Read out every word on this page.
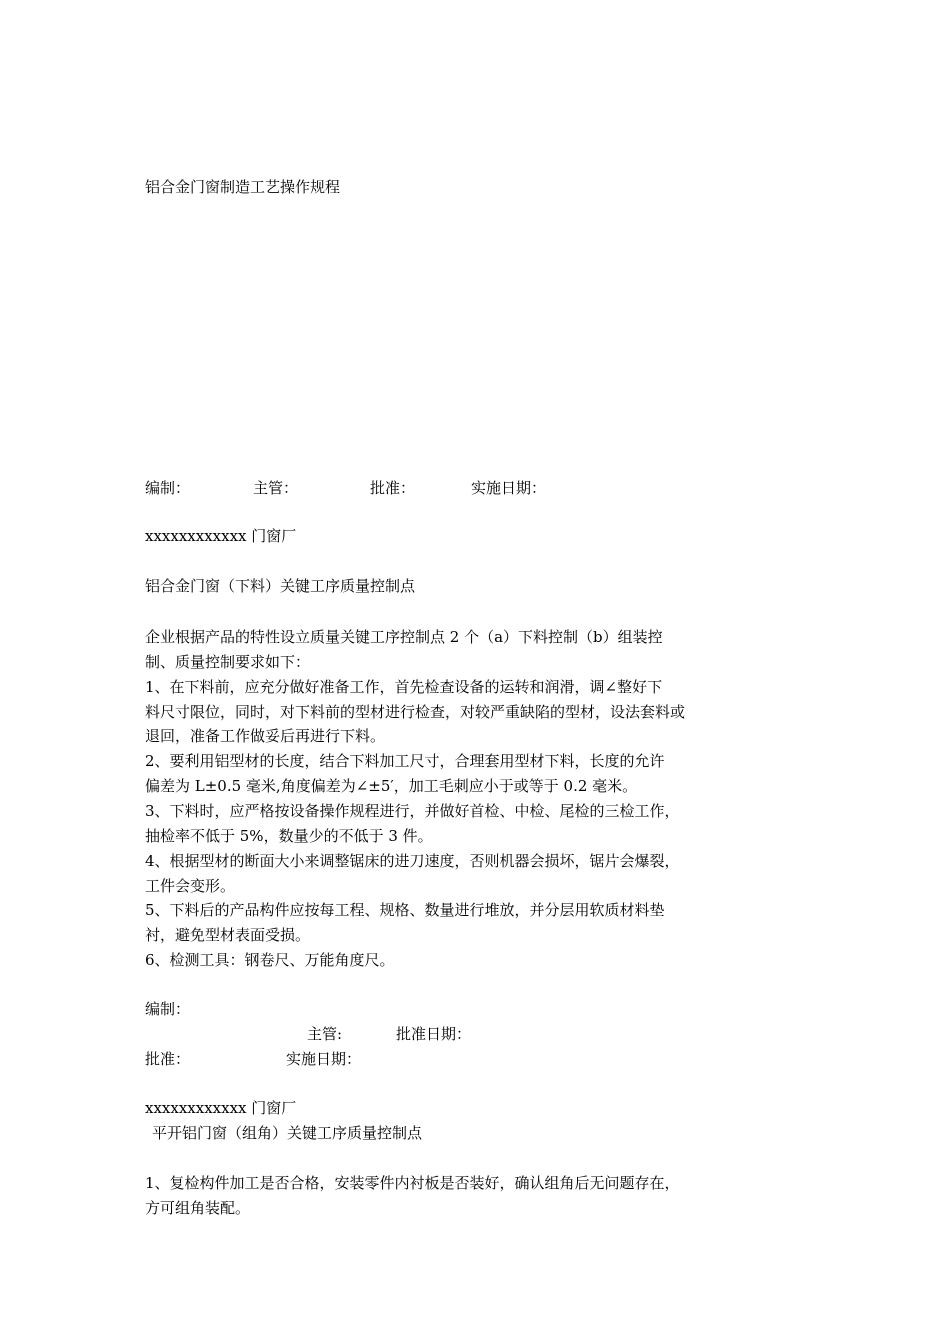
铝合金门窗制造工艺操作规程
编制：	主管：	批准：	实施日期：
xxxxxxxxxxxx 门窗厂
铝合金门窗（下料）关键工序质量控制点
企业根据产品的特性设立质量关键工序控制点 2 个（a）下料控制（b）组装控
制、质量控制要求如下：
1、在下料前，应充分做好准备工作，首先检查设备的运转和润滑，调∠整好下
料尺寸限位，同时，对下料前的型材进行检查，对较严重缺陷的型材，设法套料或
退回，准备工作做妥后再进行下料。
2、要利用铝型材的长度，结合下料加工尺寸，合理套用型材下料，长度的允许
偏差为 L±0.5 毫米,角度偏差为∠±5′，加工毛刺应小于或等于 0.2 毫米。
3、下料时，应严格按设备操作规程进行，并做好首检、中检、尾检的三检工作，
抽检率不低于 5%，数量少的不低于 3 件。
4、根据型材的断面大小来调整锯床的进刀速度，否则机器会损坏，锯片会爆裂，
工件会变形。
5、下料后的产品构件应按每工程、规格、数量进行堆放，并分层用软质材料垫
衬，避免型材表面受损。
6、检测工具：钢卷尺、万能角度尺。
编制：
主管:	批准日期：
批准：	实施日期：
xxxxxxxxxxxx 门窗厂
平开铝门窗（组角）关键工序质量控制点
1、复检构件加工是否合格，安装零件内衬板是否装好，确认组角后无问题存在，
方可组角装配。
